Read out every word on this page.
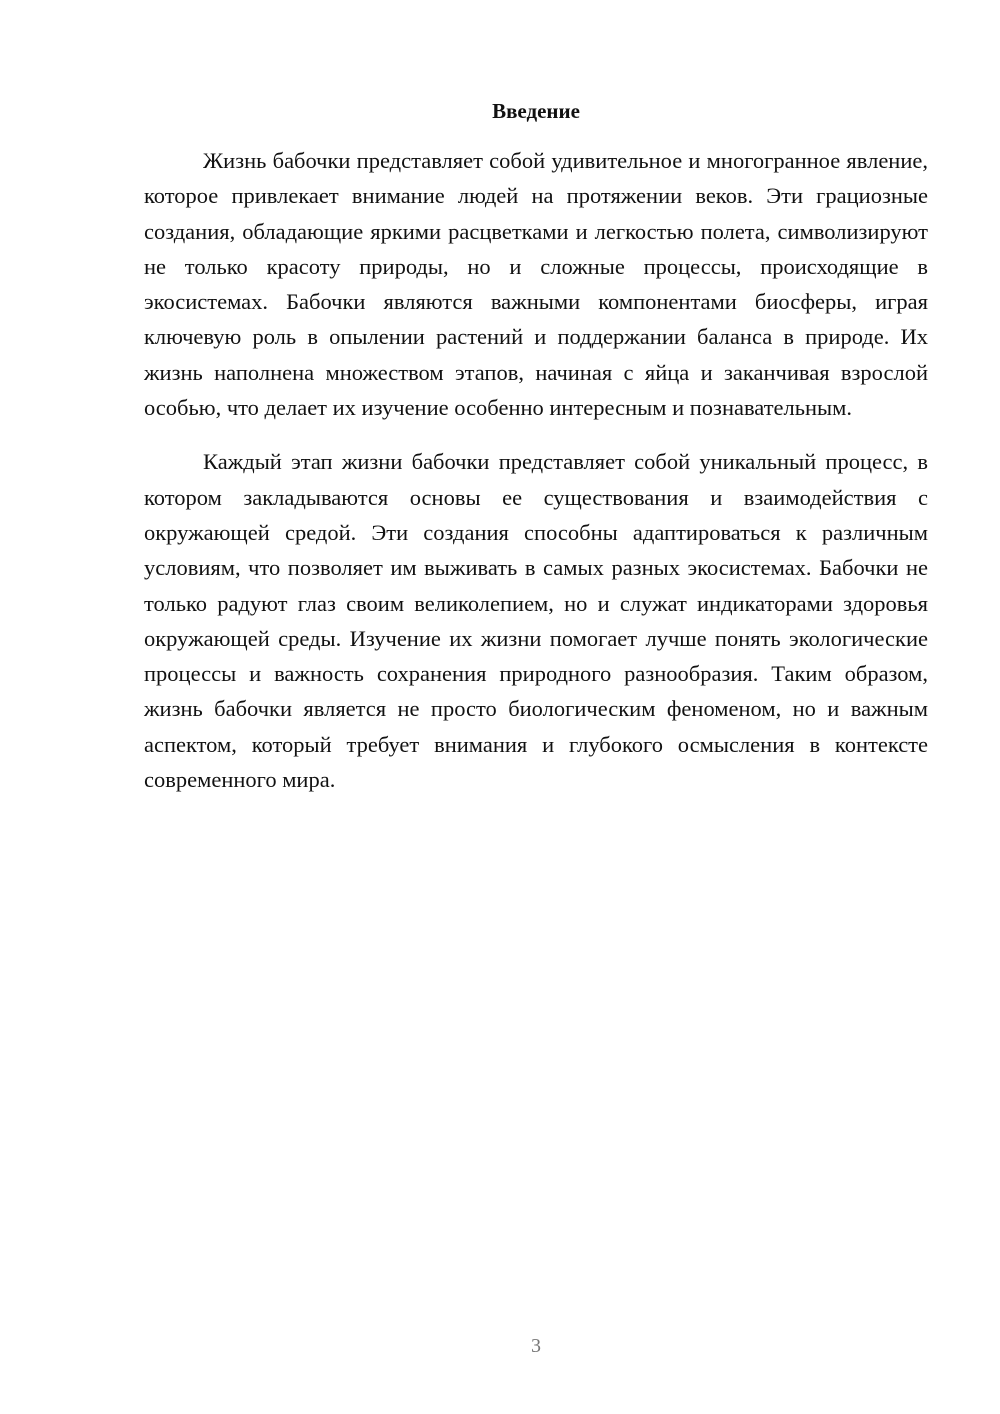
Введение

Жизнь бабочки представляет собой удивительное и многогранное явление, которое привлекает внимание людей на протяжении веков. Эти грациозные создания, обладающие яркими расцветками и легкостью полета, символизируют не только красоту природы, но и сложные процессы, происходящие в экосистемах. Бабочки являются важными компонентами биосферы, играя ключевую роль в опылении растений и поддержании баланса в природе. Их жизнь наполнена множеством этапов, начиная с яйца и заканчивая взрослой особью, что делает их изучение особенно интересным и познавательным.

Каждый этап жизни бабочки представляет собой уникальный процесс, в котором закладываются основы ее существования и взаимодействия с окружающей средой. Эти создания способны адаптироваться к различным условиям, что позволяет им выживать в самых разных экосистемах. Бабочки не только радуют глаз своим великолепием, но и служат индикаторами здоровья окружающей среды. Изучение их жизни помогает лучше понять экологические процессы и важность сохранения природного разнообразия. Таким образом, жизнь бабочки является не просто биологическим феноменом, но и важным аспектом, который требует внимания и глубокого осмысления в контексте современного мира.

3
